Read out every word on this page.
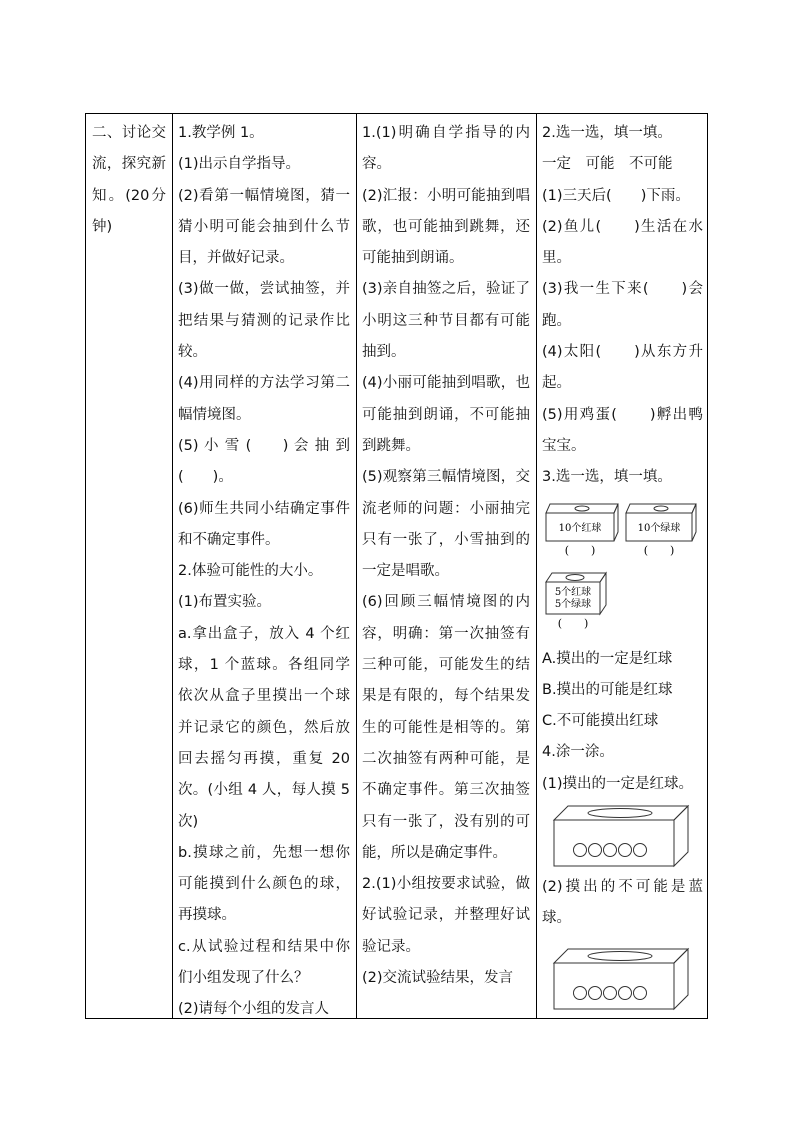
二、讨论交流，探究新知。(20分钟)

1.教学例 1。

(1)出示自学指导。

(2)看第一幅情境图，猜一猜小明可能会抽到什么节目，并做好记录。

(3)做一做，尝试抽签，并把结果与猜测的记录作比较。

(4)用同样的方法学习第二幅情境图。

(5) 小 雪 (　　) 会 抽 到 (　　)。

(6)师生共同小结确定事件和不确定事件。

2.体验可能性的大小。

(1)布置实验。

a.拿出盒子，放入 4 个红球，1 个蓝球。各组同学依次从盒子里摸出一个球并记录它的颜色，然后放回去摇匀再摸，重复 20 次。(小组 4 人，每人摸 5 次)

b.摸球之前，先想一想你可能摸到什么颜色的球，再摸球。

c.从试验过程和结果中你们小组发现了什么？

(2)请每个小组的发言人

1.(1)明确自学指导的内容。

(2)汇报：小明可能抽到唱歌，也可能抽到跳舞，还可能抽到朗诵。

(3)亲自抽签之后，验证了小明这三种节目都有可能抽到。

(4)小丽可能抽到唱歌，也可能抽到朗诵，不可能抽到跳舞。

(5)观察第三幅情境图，交流老师的问题：小丽抽完只有一张了，小雪抽到的一定是唱歌。

(6)回顾三幅情境图的内容，明确：第一次抽签有三种可能，可能发生的结果是有限的，每个结果发生的可能性是相等的。第二次抽签有两种可能，是不确定事件。第三次抽签只有一张了，没有别的可能，所以是确定事件。

2.(1)小组按要求试验，做好试验记录，并整理好试验记录。

(2)交流试验结果，发言

2.选一选，填一填。

一定　可能　不可能

(1)三天后(　　)下雨。

(2)鱼儿(　　)生活在水里。

(3)我一生下来(　　)会跑。

(4)太阳(　　)从东方升起。

(5)用鸡蛋(　　)孵出鸭宝宝。

3.选一选，填一填。

10个红球
(　　)
10个绿球
(　　)
5个红球
5个绿球
(　　)

A.摸出的一定是红球

B.摸出的可能是红球

C.不可能摸出红球

4.涂一涂。

(1)摸出的一定是红球。

(2)摸出的不可能是蓝球。
